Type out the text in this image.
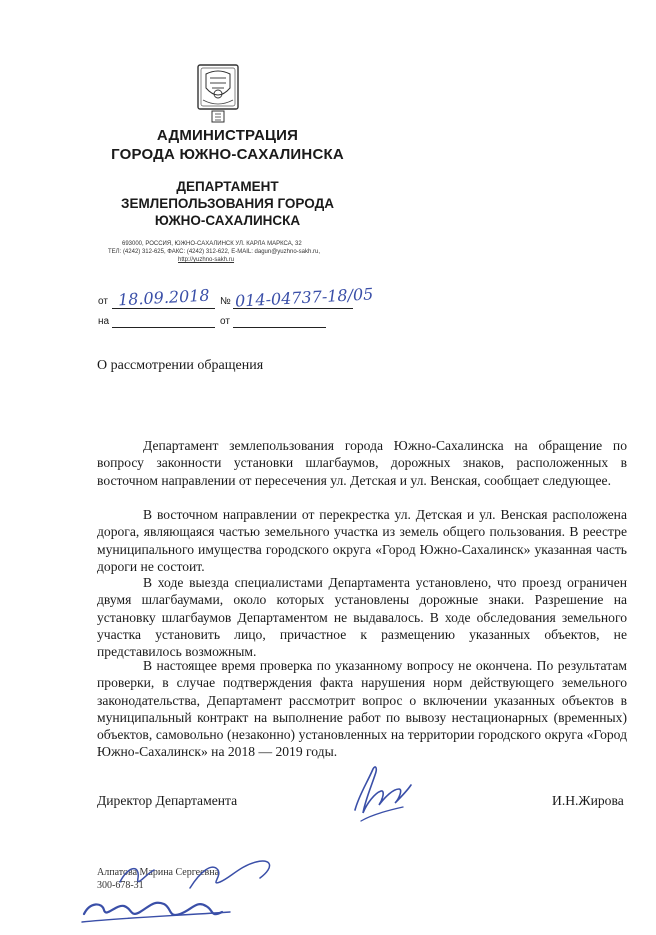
АДМИНИСТРАЦИЯ
ГОРОДА ЮЖНО-САХАЛИНСКА
ДЕПАРТАМЕНТ
ЗЕМЛЕПОЛЬЗОВАНИЯ ГОРОДА
ЮЖНО-САХАЛИНСКА
693000, РОССИЯ, ЮЖНО-САХАЛИНСК УЛ. КАРЛА МАРКСА, 32
ТЕЛ: (4242) 312-625, ФАКС: (4242) 312-622, E-MAIL: dagun@yuzhno-sakh.ru,
http://yuzhno-sakh.ru
от 18.09.2018 № 014-04737-18/05
на	от
О рассмотрении обращения

Департамент землепользования города Южно-Сахалинска на обращение по вопросу законности установки шлагбаумов, дорожных знаков, расположенных в восточном направлении от пересечения ул. Детская и ул. Венская, сообщает следующее.

В восточном направлении от перекрестка ул. Детская и ул. Венская расположена дорога, являющаяся частью земельного участка из земель общего пользования. В реестре муниципального имущества городского округа «Город Южно-Сахалинск» указанная часть дороги не состоит.

В ходе выезда специалистами Департамента установлено, что проезд ограничен двумя шлагбаумами, около которых установлены дорожные знаки. Разрешение на установку шлагбаумов Департаментом не выдавалось. В ходе обследования земельного участка установить лицо, причастное к размещению указанных объектов, не представилось возможным.

В настоящее время проверка по указанному вопросу не окончена. По результатам проверки, в случае подтверждения факта нарушения норм действующего земельного законодательства, Департамент рассмотрит вопрос о включении указанных объектов в муниципальный контракт на выполнение работ по вывозу нестационарных (временных) объектов, самовольно (незаконно) установленных на территории городского округа «Город Южно-Сахалинск» на 2018 — 2019 годы.

Директор Департамента	И.Н.Жирова
Алпатова Марина Сергеевна
300-678-31
